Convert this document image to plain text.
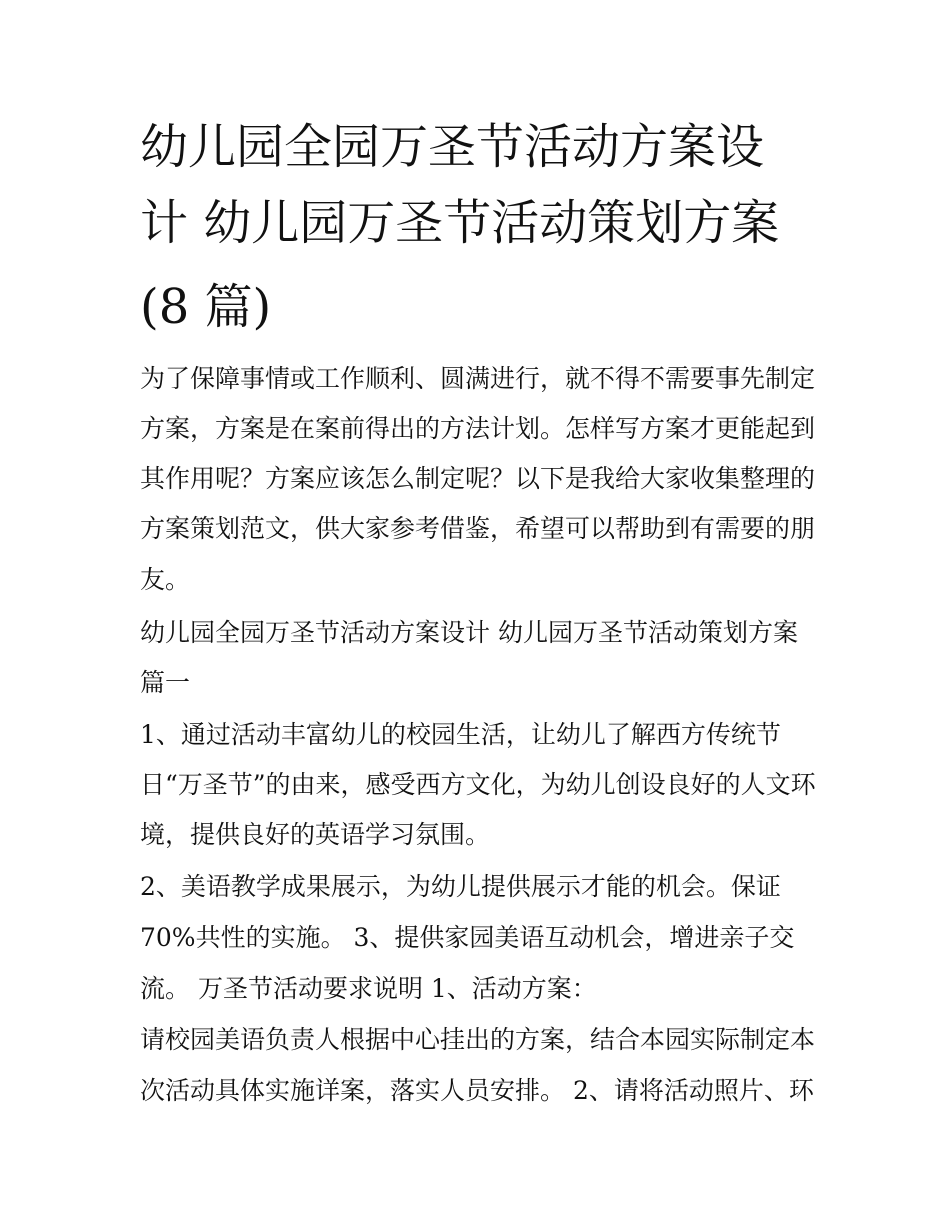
幼儿园全园万圣节活动方案设
计 幼儿园万圣节活动策划方案
(8 篇)
为了保障事情或工作顺利、圆满进行，就不得不需要事先制定
方案，方案是在案前得出的方法计划。怎样写方案才更能起到
其作用呢？方案应该怎么制定呢？以下是我给大家收集整理的
方案策划范文，供大家参考借鉴，希望可以帮助到有需要的朋
友。
幼儿园全园万圣节活动方案设计 幼儿园万圣节活动策划方案
篇一
1、通过活动丰富幼儿的校园生活，让幼儿了解西方传统节
日“万圣节”的由来，感受西方文化，为幼儿创设良好的人文环
境，提供良好的英语学习氛围。
2、美语教学成果展示，为幼儿提供展示才能的机会。保证
70%共性的实施。 3、提供家园美语互动机会，增进亲子交
流。 万圣节活动要求说明 1、活动方案：
请校园美语负责人根据中心挂出的方案，结合本园实际制定本
次活动具体实施详案，落实人员安排。 2、请将活动照片、环
